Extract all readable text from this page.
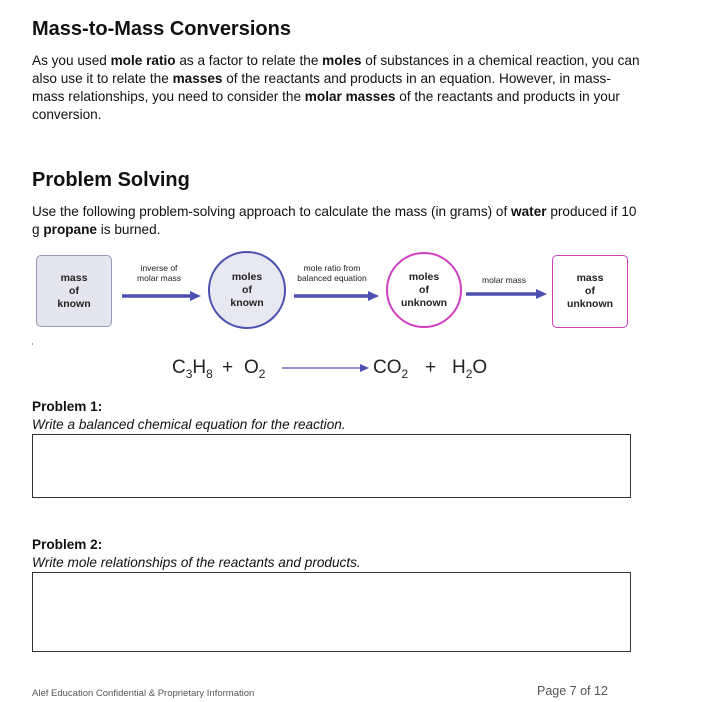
Mass-to-Mass Conversions

As you used mole ratio as a factor to relate the moles of substances in a chemical reaction, you can also use it to relate the masses of the reactants and products in an equation. However, in mass-mass relationships, you need to consider the molar masses of the reactants and products in your conversion.

Problem Solving

Use the following problem-solving approach to calculate the mass (in grams) of water produced if 10 g propane is burned.

mass
of
known
inverse of
molar mass	moles
of
known
mole ratio from
balanced equation	moles
of
unknown
molar mass	mass
of
unknown
$C_3H_8 + O_2$	$CO_2 + H_2O$
Problem 1:
Write a balanced chemical equation for the reaction.
Problem 2:
Write mole relationships of the reactants and products.
Alef Education Confidential & Proprietary Information	Page 7 of 12
